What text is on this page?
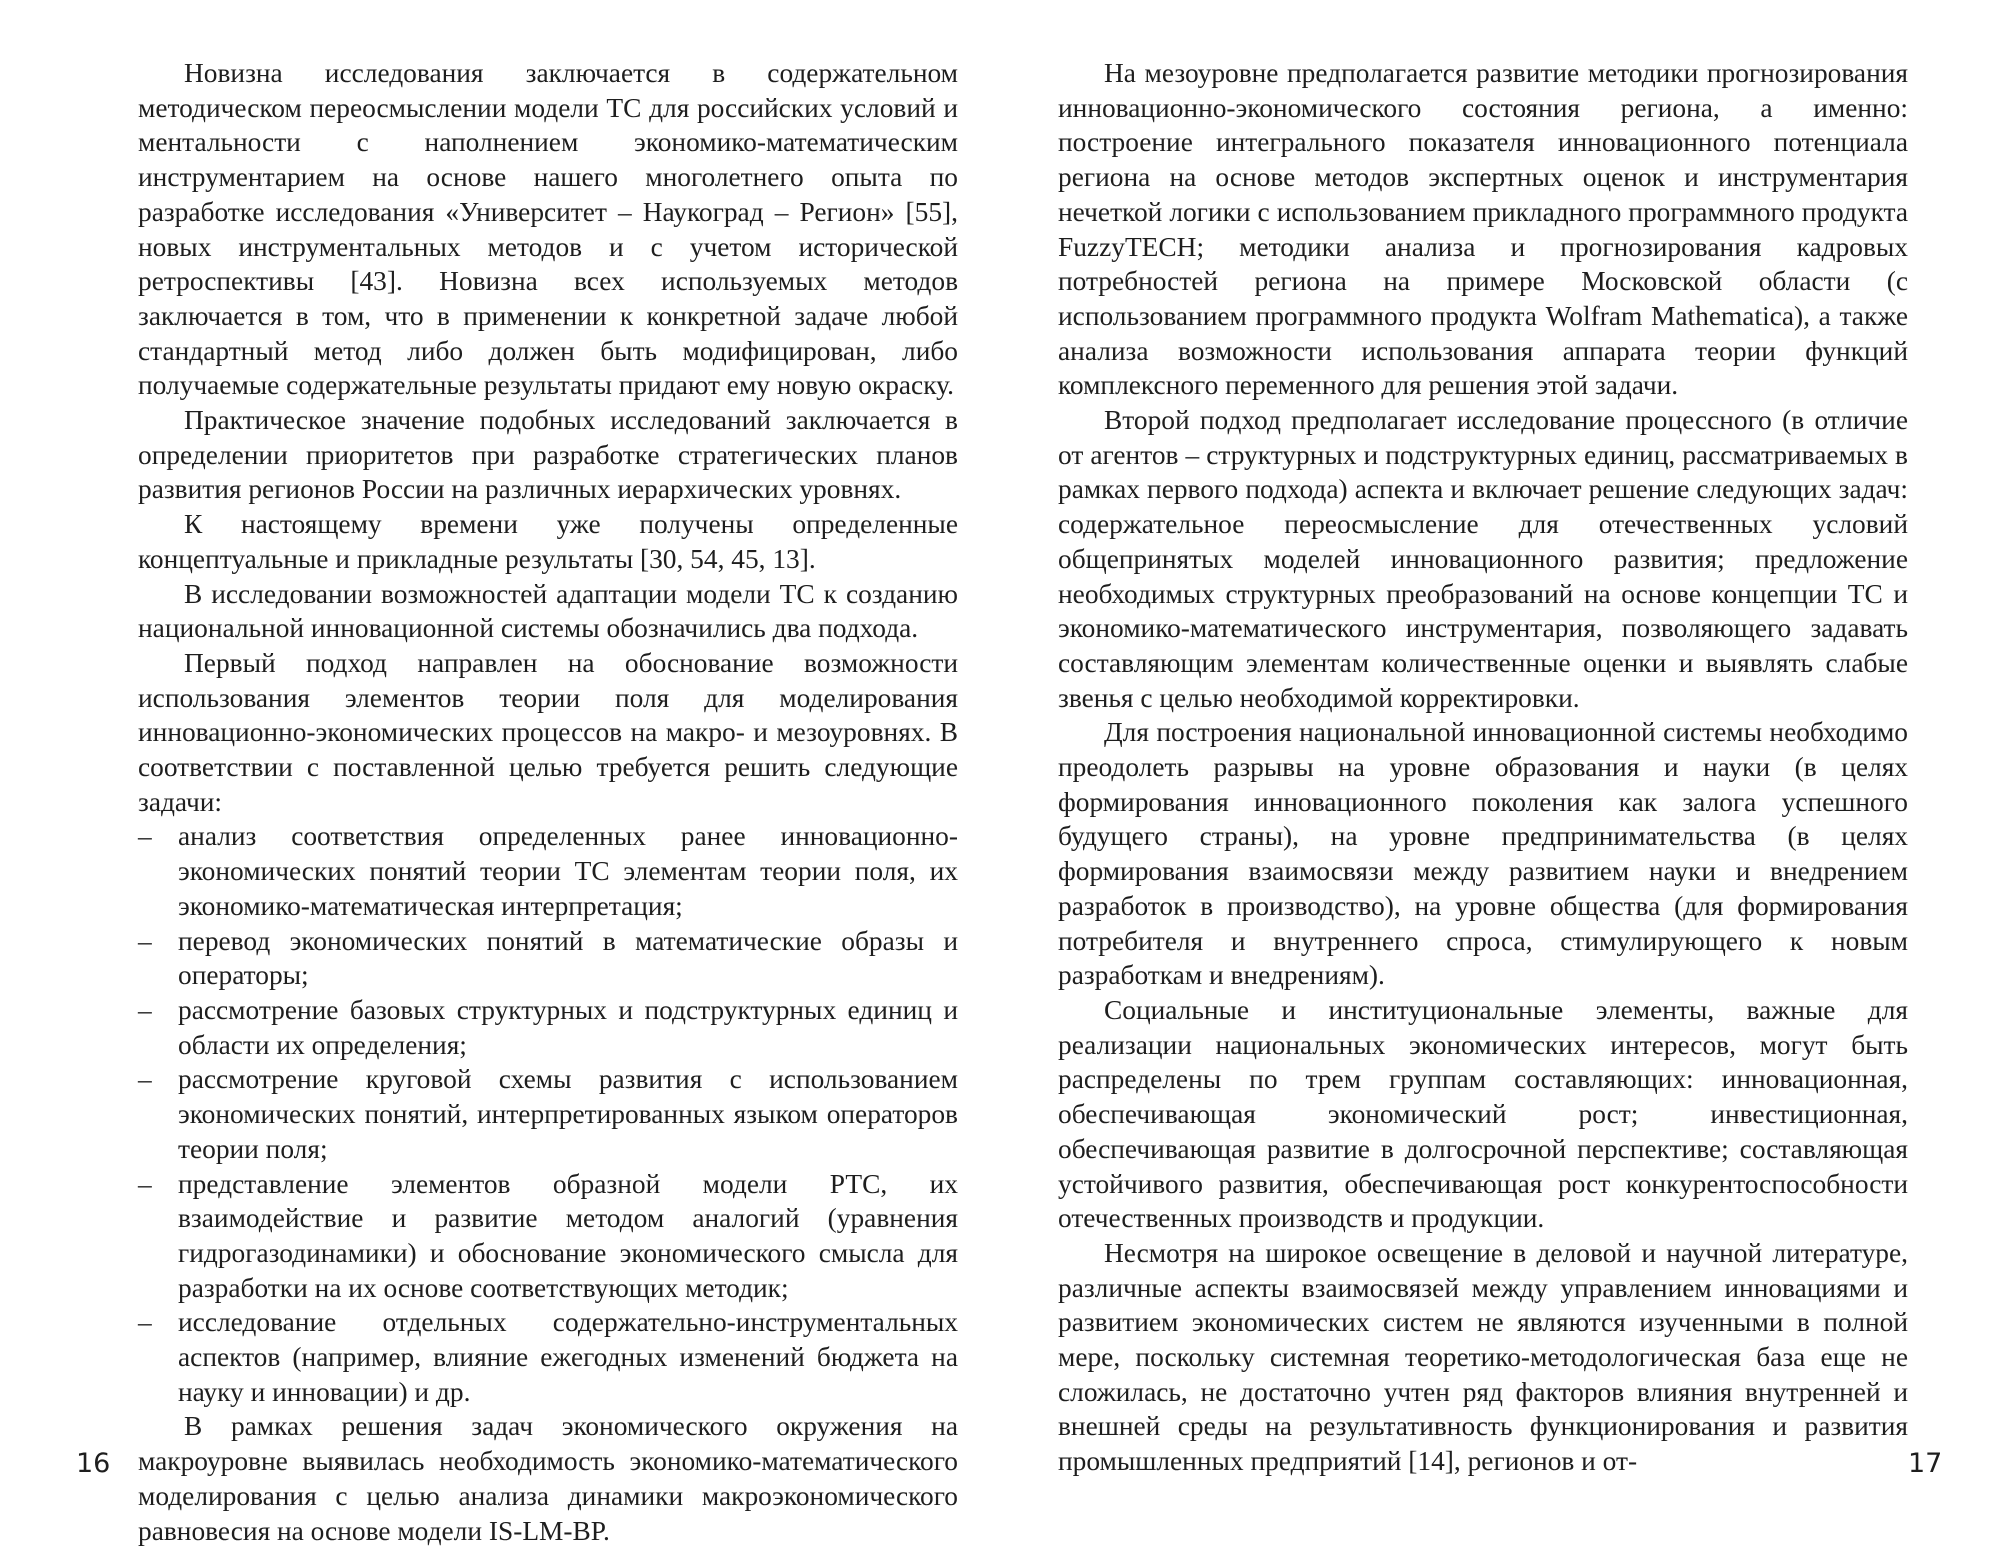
Новизна исследования заключается в содержательном методическом переосмыслении модели ТС для российских условий и ментальности с наполнением экономико-математическим инструментарием на основе нашего многолетнего опыта по разработке исследования «Университет – Наукоград – Регион» [55], новых инструментальных методов и с учетом исторической ретроспективы [43]. Новизна всех используемых методов заключается в том, что в применении к конкретной задаче любой стандартный метод либо должен быть модифицирован, либо получаемые содержательные результаты придают ему новую окраску.

Практическое значение подобных исследований заключается в определении приоритетов при разработке стратегических планов развития регионов России на различных иерархических уровнях.

К настоящему времени уже получены определенные концептуальные и прикладные результаты [30, 54, 45, 13].

В исследовании возможностей адаптации модели ТС к созданию национальной инновационной системы обозначились два подхода.

Первый подход направлен на обоснование возможности использования элементов теории поля для моделирования инновационно-экономических процессов на макро- и мезоуровнях. В соответствии с поставленной целью требуется решить следующие задачи:

– анализ соответствия определенных ранее инновационно-экономических понятий теории ТС элементам теории поля, их экономико-математическая интерпретация;
– перевод экономических понятий в математические образы и операторы;
– рассмотрение базовых структурных и подструктурных единиц и области их определения;
– рассмотрение круговой схемы развития с использованием экономических понятий, интерпретированных языком операторов теории поля;
– представление элементов образной модели РТС, их взаимодействие и развитие методом аналогий (уравнения гидрогазодинамики) и обоснование экономического смысла для разработки на их основе соответствующих методик;
– исследование отдельных содержательно-инструментальных аспектов (например, влияние ежегодных изменений бюджета на науку и инновации) и др.

В рамках решения задач экономического окружения на макроуровне выявилась необходимость экономико-математического моделирования с целью анализа динамики макроэкономического равновесия на основе модели IS-LM-BP.

16

На мезоуровне предполагается развитие методики прогнозирования инновационно-экономического состояния региона, а именно: построение интегрального показателя инновационного потенциала региона на основе методов экспертных оценок и инструментария нечеткой логики с использованием прикладного программного продукта FuzzyTECH; методики анализа и прогнозирования кадровых потребностей региона на примере Московской области (с использованием программного продукта Wolfram Mathematica), а также анализа возможности использования аппарата теории функций комплексного переменного для решения этой задачи.

Второй подход предполагает исследование процессного (в отличие от агентов – структурных и подструктурных единиц, рассматриваемых в рамках первого подхода) аспекта и включает решение следующих задач: содержательное переосмысление для отечественных условий общепринятых моделей инновационного развития; предложение необходимых структурных преобразований на основе концепции ТС и экономико-математического инструментария, позволяющего задавать составляющим элементам количественные оценки и выявлять слабые звенья с целью необходимой корректировки.

Для построения национальной инновационной системы необходимо преодолеть разрывы на уровне образования и науки (в целях формирования инновационного поколения как залога успешного будущего страны), на уровне предпринимательства (в целях формирования взаимосвязи между развитием науки и внедрением разработок в производство), на уровне общества (для формирования потребителя и внутреннего спроса, стимулирующего к новым разработкам и внедрениям).

Социальные и институциональные элементы, важные для реализации национальных экономических интересов, могут быть распределены по трем группам составляющих: инновационная, обеспечивающая экономический рост; инвестиционная, обеспечивающая развитие в долгосрочной перспективе; составляющая устойчивого развития, обеспечивающая рост конкурентоспособности отечественных производств и продукции.

Несмотря на широкое освещение в деловой и научной литературе, различные аспекты взаимосвязей между управлением инновациями и развитием экономических систем не являются изученными в полной мере, поскольку системная теоретико-методологическая база еще не сложилась, не достаточно учтен ряд факторов влияния внутренней и внешней среды на результативность функционирования и развития промышленных предприятий [14], регионов и от-	17
